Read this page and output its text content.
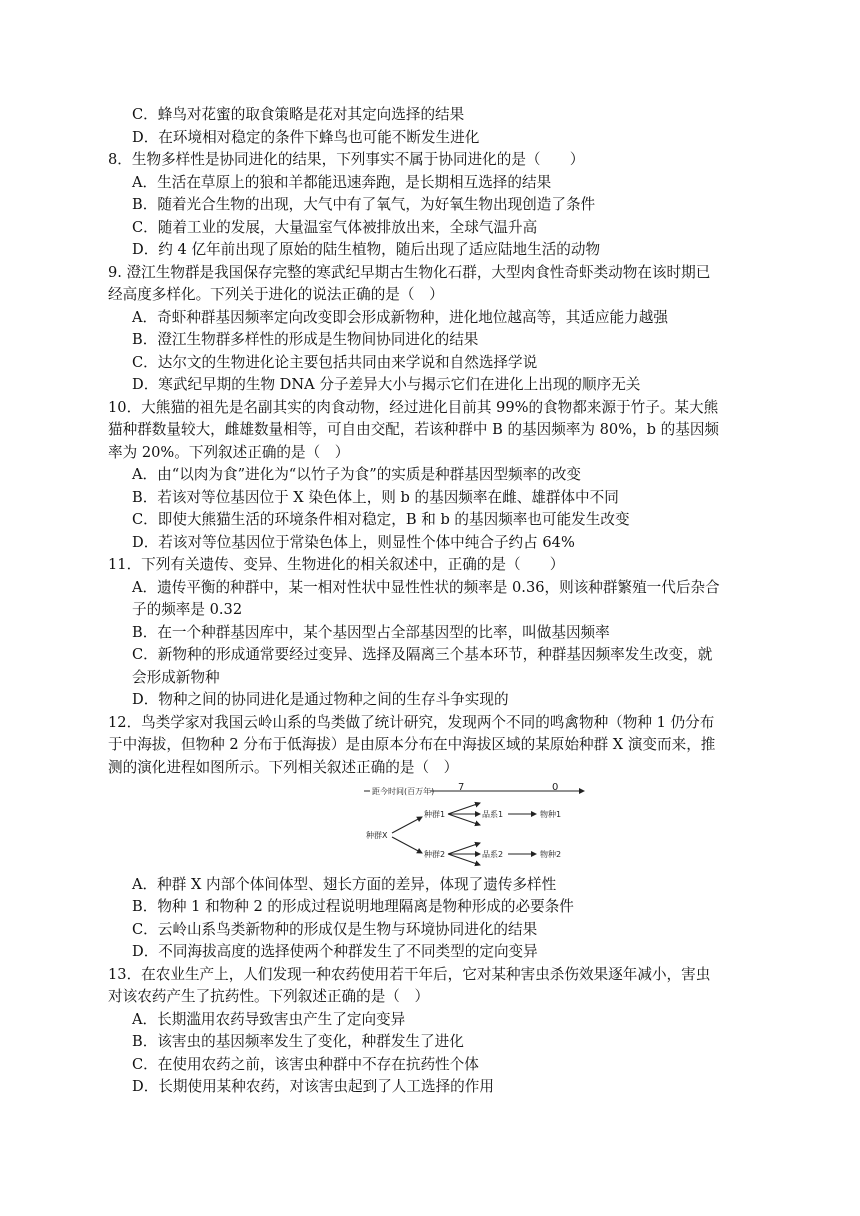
C．蜂鸟对花蜜的取食策略是花对其定向选择的结果
D．在环境相对稳定的条件下蜂鸟也可能不断发生进化
8．生物多样性是协同进化的结果，下列事实不属于协同进化的是（　　）
A．生活在草原上的狼和羊都能迅速奔跑，是长期相互选择的结果
B．随着光合生物的出现，大气中有了氧气，为好氧生物出现创造了条件
C．随着工业的发展，大量温室气体被排放出来，全球气温升高
D．约 4 亿年前出现了原始的陆生植物，随后出现了适应陆地生活的动物
9. 澄江生物群是我国保存完整的寒武纪早期古生物化石群，大型肉食性奇虾类动物在该时期已
经高度多样化。下列关于进化的说法正确的是（　）
A．奇虾种群基因频率定向改变即会形成新物种，进化地位越高等，其适应能力越强
B．澄江生物群多样性的形成是生物间协同进化的结果
C．达尔文的生物进化论主要包括共同由来学说和自然选择学说
D．寒武纪早期的生物 DNA 分子差异大小与揭示它们在进化上出现的顺序无关
10．大熊猫的祖先是名副其实的肉食动物，经过进化目前其 99%的食物都来源于竹子。某大熊
猫种群数量较大，雌雄数量相等，可自由交配，若该种群中 B 的基因频率为 80%，b 的基因频
率为 20%。下列叙述正确的是（　）
A．由“以肉为食”进化为“以竹子为食”的实质是种群基因型频率的改变
B．若该对等位基因位于 X 染色体上，则 b 的基因频率在雌、雄群体中不同
C．即使大熊猫生活的环境条件相对稳定，B 和 b 的基因频率也可能发生改变
D．若该对等位基因位于常染色体上，则显性个体中纯合子约占 64%
11．下列有关遗传、变异、生物进化的相关叙述中，正确的是（　　）
A．遗传平衡的种群中，某一相对性状中显性性状的频率是 0.36，则该种群繁殖一代后杂合
子的频率是 0.32
B．在一个种群基因库中，某个基因型占全部基因型的比率，叫做基因频率
C．新物种的形成通常要经过变异、选择及隔离三个基本环节，种群基因频率发生改变，就
会形成新物种
D．物种之间的协同进化是通过物种之间的生存斗争实现的
12．鸟类学家对我国云岭山系的鸟类做了统计研究，发现两个不同的鸣禽物种（物种 1 仍分布
于中海拔，但物种 2 分布于低海拔）是由原本分布在中海拔区域的某原始种群 X 演变而来，推
测的演化进程如图所示。下列相关叙述正确的是（　）
距今时间(百万年) 7	0
种群X
种群1	品系1	物种1
种群2	品系2	物种2
A．种群 X 内部个体间体型、翅长方面的差异，体现了遗传多样性
B．物种 1 和物种 2 的形成过程说明地理隔离是物种形成的必要条件
C．云岭山系鸟类新物种的形成仅是生物与环境协同进化的结果
D．不同海拔高度的选择使两个种群发生了不同类型的定向变异
13．在农业生产上，人们发现一种农药使用若干年后，它对某种害虫杀伤效果逐年减小，害虫
对该农药产生了抗药性。下列叙述正确的是（　）
A．长期滥用农药导致害虫产生了定向变异
B．该害虫的基因频率发生了变化，种群发生了进化
C．在使用农药之前，该害虫种群中不存在抗药性个体
D．长期使用某种农药，对该害虫起到了人工选择的作用
